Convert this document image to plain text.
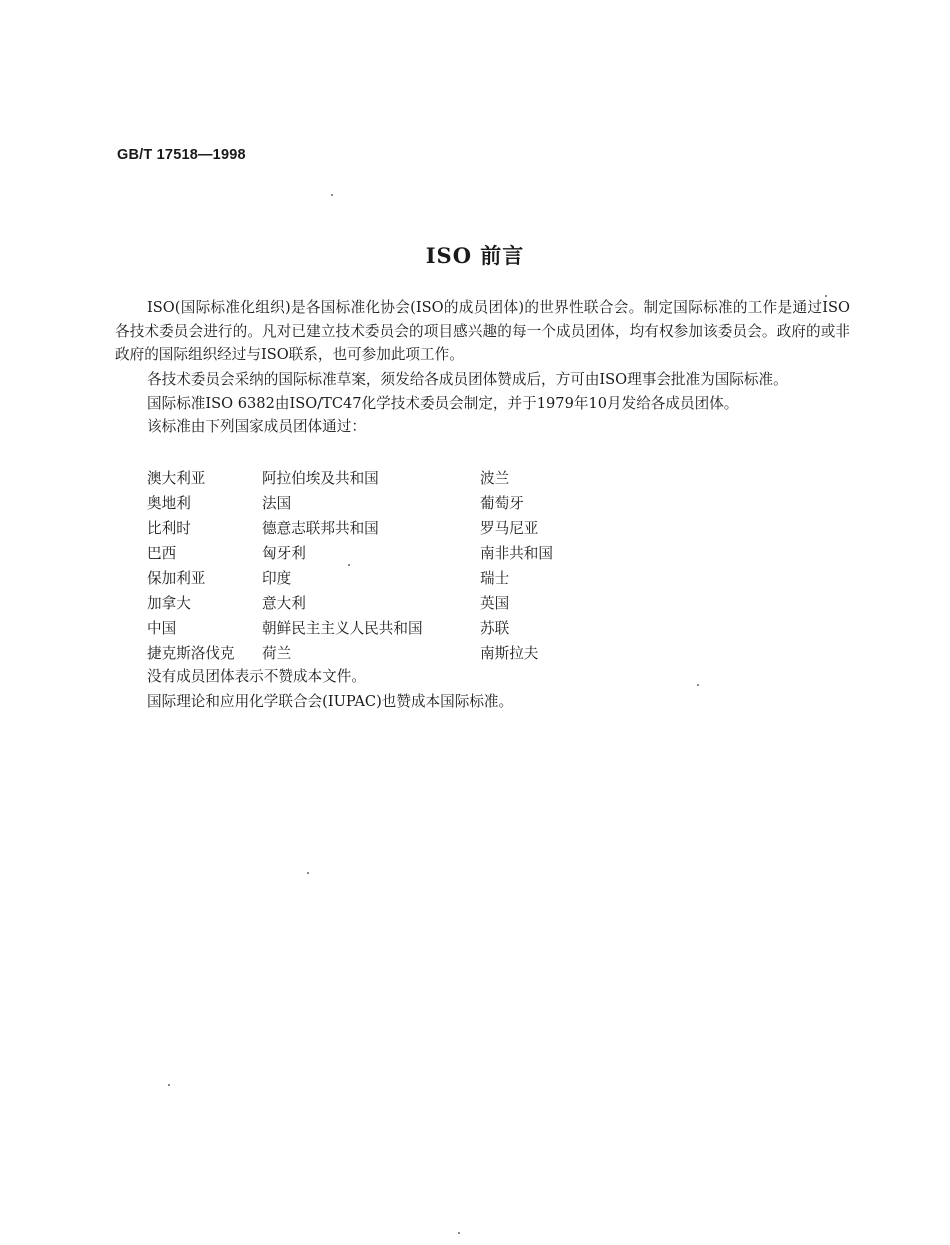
GB/T 17518—1998
ISO 前言

ISO(国际标准化组织)是各国标准化协会(ISO的成员团体)的世界性联合会。制定国际标准的工作是通过ISO各技术委员会进行的。凡对已建立技术委员会的项目感兴趣的每一个成员团体，均有权参加该委员会。政府的或非政府的国际组织经过与ISO联系，也可参加此项工作。

各技术委员会采纳的国际标准草案，须发给各成员团体赞成后，方可由ISO理事会批准为国际标准。

国际标准ISO 6382由ISO/TC47化学技术委员会制定，并于1979年10月发给各成员团体。

该标准由下列国家成员团体通过：

澳大利亚	阿拉伯埃及共和国	波兰
奥地利	法国	葡萄牙
比利时	德意志联邦共和国	罗马尼亚
巴西	匈牙利	南非共和国
保加利亚	印度	瑞士
加拿大	意大利	英国
中国	朝鲜民主主义人民共和国	苏联
捷克斯洛伐克	荷兰	南斯拉夫
没有成员团体表示不赞成本文件。
国际理论和应用化学联合会(IUPAC)也赞成本国际标准。
